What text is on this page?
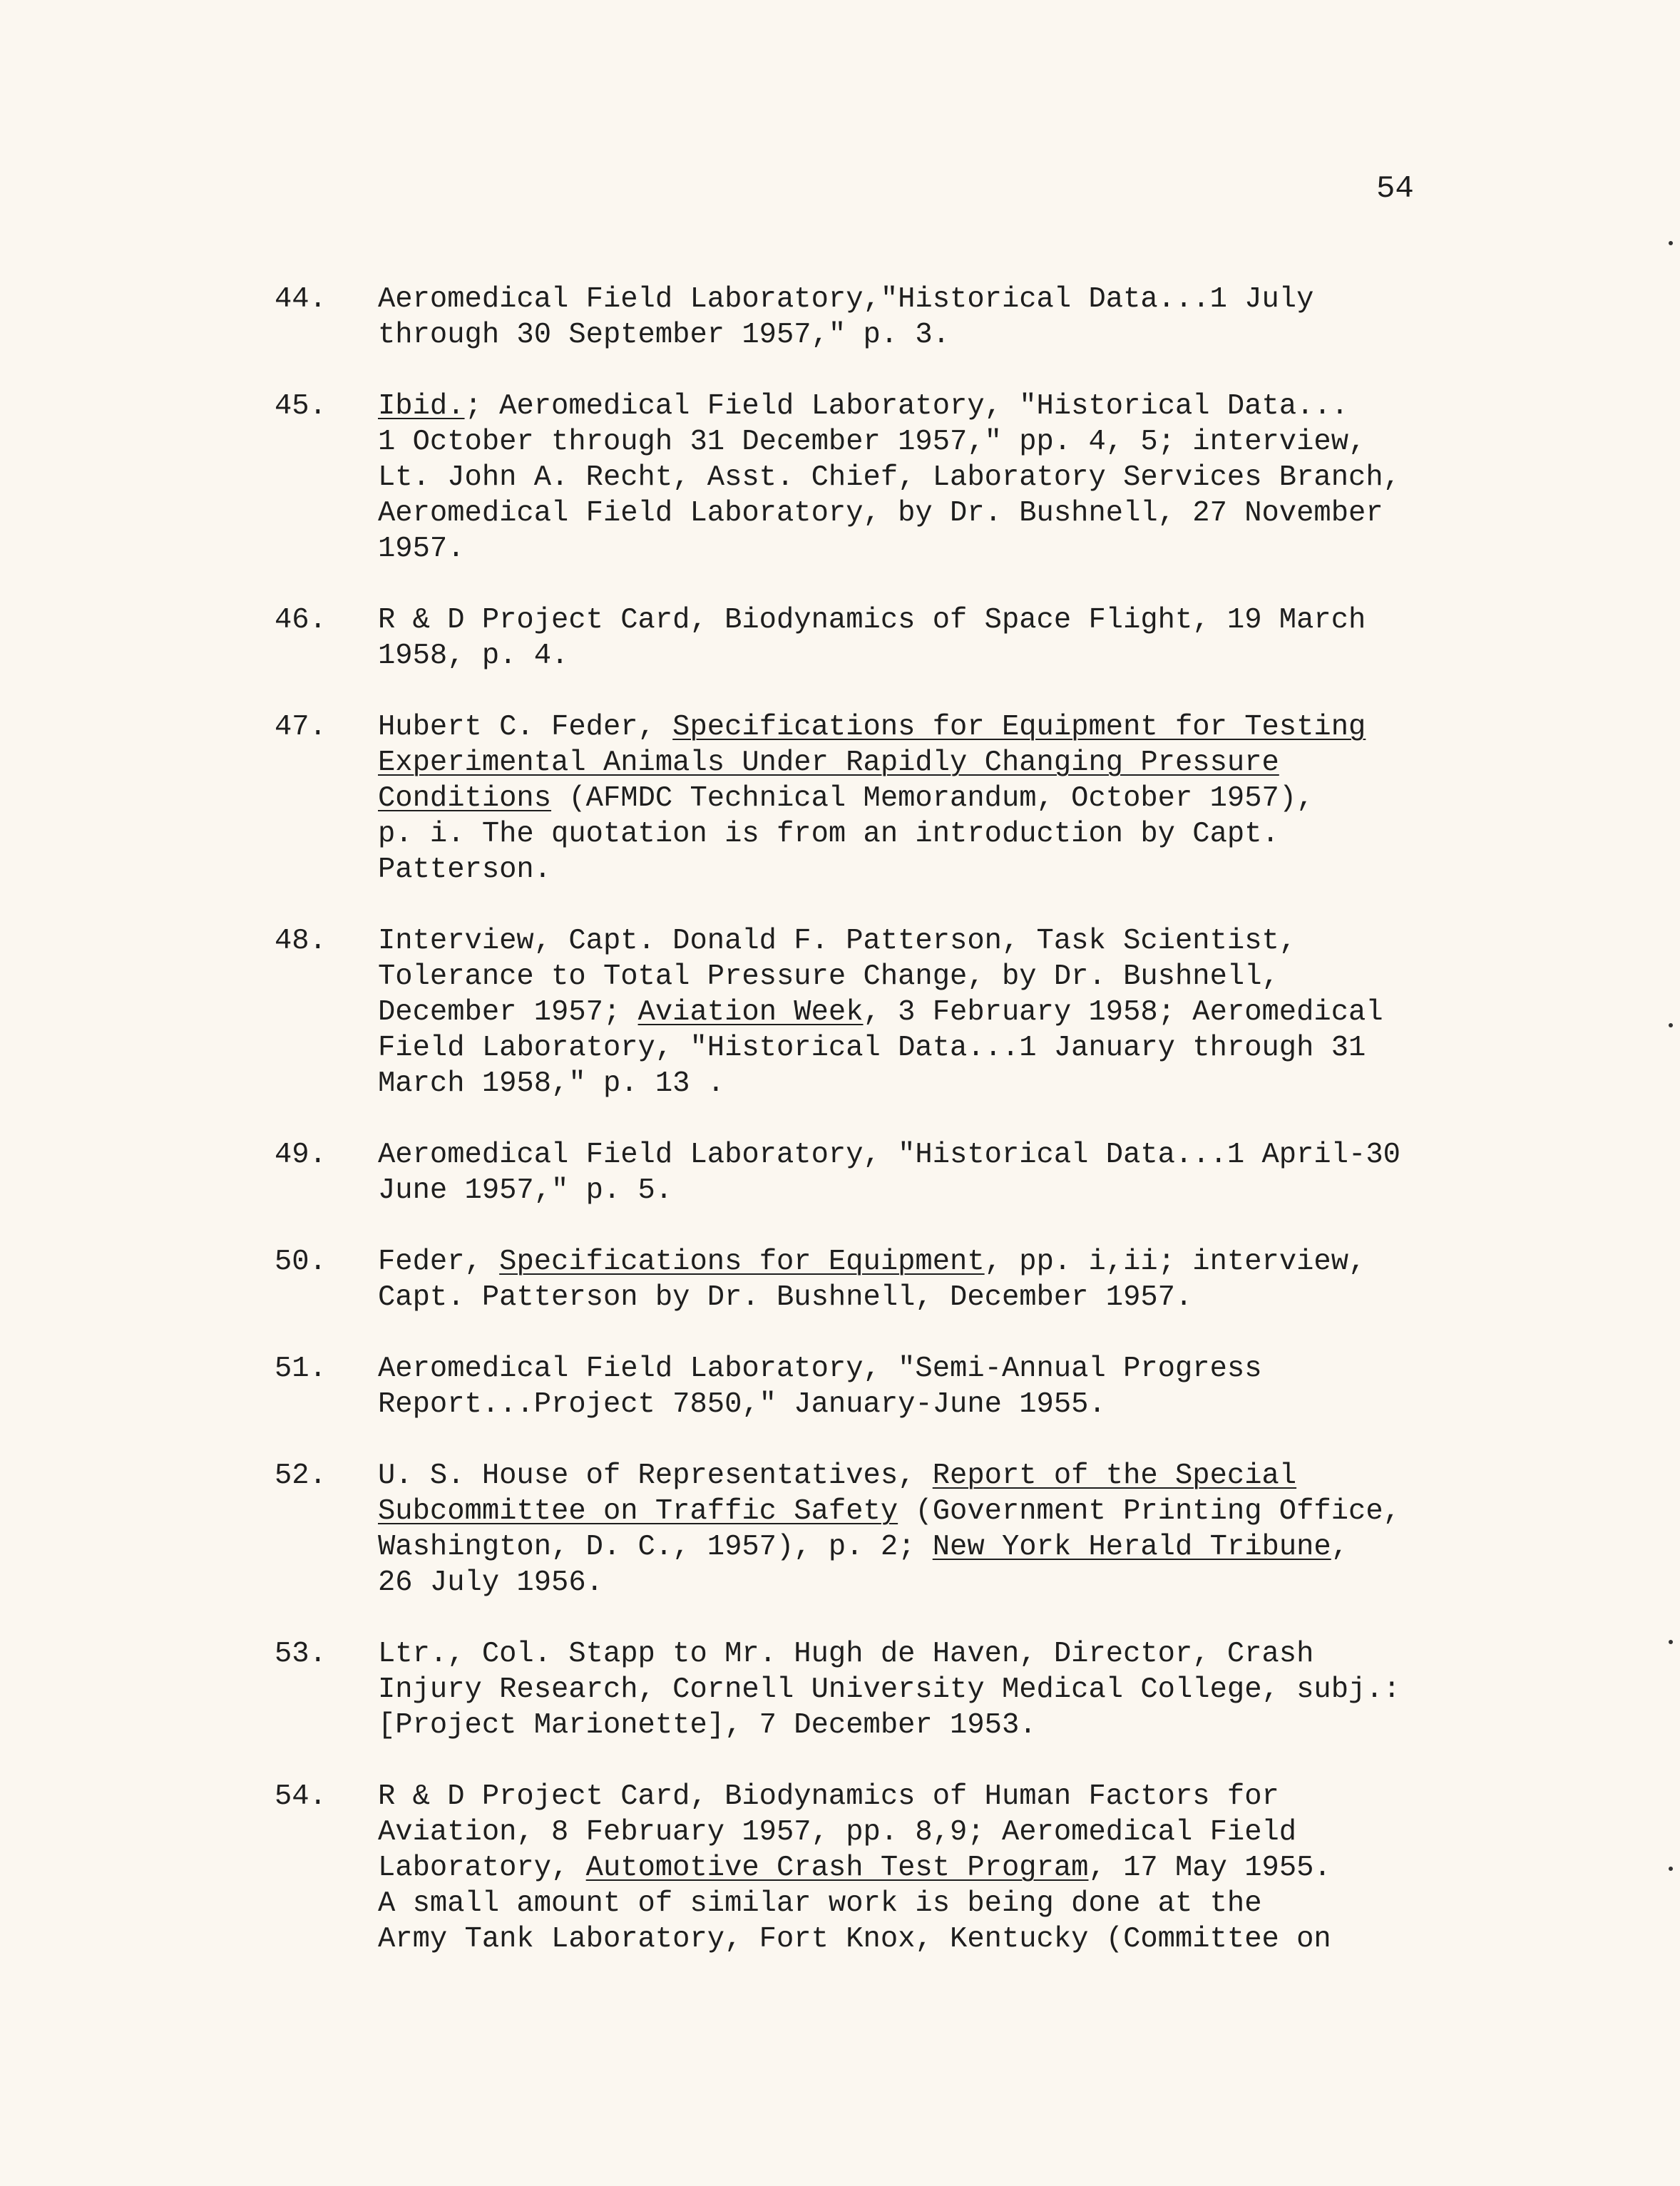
54
44.	Aeromedical Field Laboratory,"Historical Data...1 July
through 30 September 1957," p. 3.
45.	Ibid.; Aeromedical Field Laboratory, "Historical Data...
1 October through 31 December 1957," pp. 4, 5; interview,
Lt. John A. Recht, Asst. Chief, Laboratory Services Branch,
Aeromedical Field Laboratory, by Dr. Bushnell, 27 November
1957.
46.	R & D Project Card, Biodynamics of Space Flight, 19 March
1958, p. 4.
47.	Hubert C. Feder, Specifications for Equipment for Testing
Experimental Animals Under Rapidly Changing Pressure
Conditions (AFMDC Technical Memorandum, October 1957),
p. i. The quotation is from an introduction by Capt.
Patterson.
48.	Interview, Capt. Donald F. Patterson, Task Scientist,
Tolerance to Total Pressure Change, by Dr. Bushnell,
December 1957; Aviation Week, 3 February 1958; Aeromedical
Field Laboratory, "Historical Data...1 January through 31
March 1958," p. 13 .
49.	Aeromedical Field Laboratory, "Historical Data...1 April-30
June 1957," p. 5.
50.	Feder, Specifications for Equipment, pp. i,ii; interview,
Capt. Patterson by Dr. Bushnell, December 1957.
51.	Aeromedical Field Laboratory, "Semi-Annual Progress
Report...Project 7850," January-June 1955.
52.	U. S. House of Representatives, Report of the Special
Subcommittee on Traffic Safety (Government Printing Office,
Washington, D. C., 1957), p. 2; New York Herald Tribune,
26 July 1956.
53.	Ltr., Col. Stapp to Mr. Hugh de Haven, Director, Crash
Injury Research, Cornell University Medical College, subj.:
[Project Marionette], 7 December 1953.
54.	R & D Project Card, Biodynamics of Human Factors for
Aviation, 8 February 1957, pp. 8,9; Aeromedical Field
Laboratory, Automotive Crash Test Program, 17 May 1955.
A small amount of similar work is being done at the
Army Tank Laboratory, Fort Knox, Kentucky (Committee on
